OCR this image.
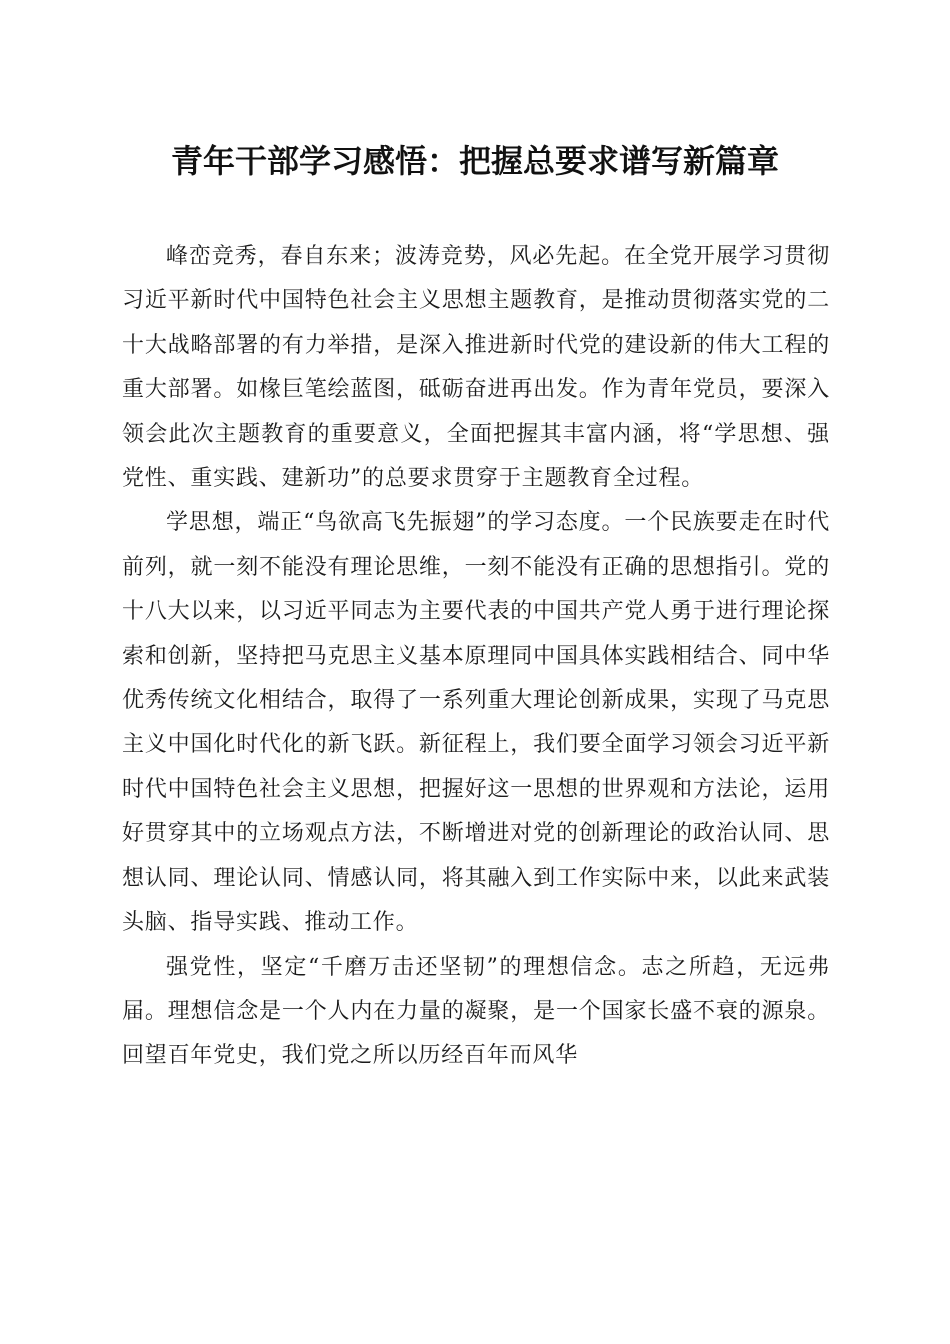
青年干部学习感悟：把握总要求谱写新篇章

峰峦竞秀，春自东来；波涛竞势，风必先起。在全党开展学习贯彻习近平新时代中国特色社会主义思想主题教育，是推动贯彻落实党的二十大战略部署的有力举措，是深入推进新时代党的建设新的伟大工程的重大部署。如椽巨笔绘蓝图，砥砺奋进再出发。作为青年党员，要深入领会此次主题教育的重要意义，全面把握其丰富内涵，将“学思想、强党性、重实践、建新功”的总要求贯穿于主题教育全过程。

学思想，端正“鸟欲高飞先振翅”的学习态度。一个民族要走在时代前列，就一刻不能没有理论思维，一刻不能没有正确的思想指引。党的十八大以来，以习近平同志为主要代表的中国共产党人勇于进行理论探索和创新，坚持把马克思主义基本原理同中国具体实践相结合、同中华优秀传统文化相结合，取得了一系列重大理论创新成果，实现了马克思主义中国化时代化的新飞跃。新征程上，我们要全面学习领会习近平新时代中国特色社会主义思想，把握好这一思想的世界观和方法论，运用好贯穿其中的立场观点方法，不断增进对党的创新理论的政治认同、思想认同、理论认同、情感认同，将其融入到工作实际中来，以此来武装头脑、指导实践、推动工作。

强党性，坚定“千磨万击还坚韧”的理想信念。志之所趋，无远弗届。理想信念是一个人内在力量的凝聚，是一个国家长盛不衰的源泉。回望百年党史，我们党之所以历经百年而风华
